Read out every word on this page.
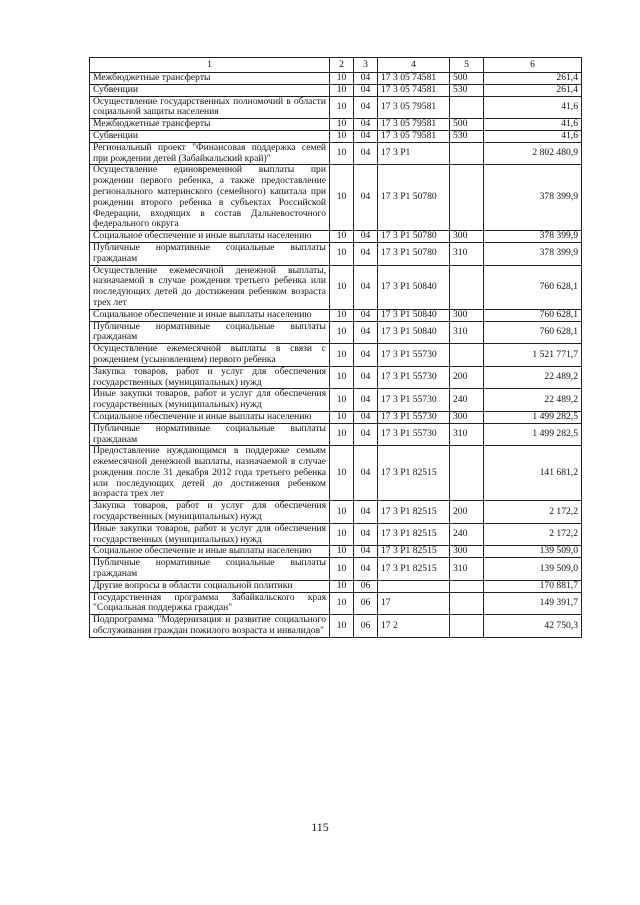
1	2	3	4	5	6
Межбюджетные трансферты	10	04	17 3 05 74581	500	261,4
Субвенции	10	04	17 3 05 74581	530	261,4
Осуществление государственных полномочий в области социальной защиты населения	10	04	17 3 05 79581		41,6
Межбюджетные трансферты	10	04	17 3 05 79581	500	41,6
Субвенции	10	04	17 3 05 79581	530	41,6
Региональный проект "Финансовая поддержка семей при рождении детей (Забайкальский край)"	10	04	17 3 P1		2 802 480,9
Осуществление единовременной выплаты при рождении первого ребенка, а также предоставление регионального материнского (семейного) капитала при рождении второго ребенка в субъектах Российской Федерации, входящих в состав Дальневосточного федерального округа	10	04	17 3 P1 50780		378 399,9
Социальное обеспечение и иные выплаты населению	10	04	17 3 P1 50780	300	378 399,9
Публичные нормативные социальные выплаты гражданам	10	04	17 3 P1 50780	310	378 399,9
Осуществление ежемесячной денежной выплаты, назначаемой в случае рождения третьего ребенка или последующих детей до достижения ребенком возраста трех лет	10	04	17 3 P1 50840		760 628,1
Социальное обеспечение и иные выплаты населению	10	04	17 3 P1 50840	300	760 628,1
Публичные нормативные социальные выплаты гражданам	10	04	17 3 P1 50840	310	760 628,1
Осуществление ежемесячной выплаты в связи с рождением (усыновлением) первого ребенка	10	04	17 3 P1 55730		1 521 771,7
Закупка товаров, работ и услуг для обеспечения государственных (муниципальных) нужд	10	04	17 3 P1 55730	200	22 489,2
Иные закупки товаров, работ и услуг для обеспечения государственных (муниципальных) нужд	10	04	17 3 P1 55730	240	22 489,2
Социальное обеспечение и иные выплаты населению	10	04	17 3 P1 55730	300	1 499 282,5
Публичные нормативные социальные выплаты гражданам	10	04	17 3 P1 55730	310	1 499 282,5
Предоставление нуждающимся в поддержке семьям ежемесячной денежной выплаты, назначаемой в случае рождения после 31 декабря 2012 года третьего ребенка или последующих детей до достижения ребенком возраста трех лет	10	04	17 3 P1 82515		141 681,2
Закупка товаров, работ и услуг для обеспечения государственных (муниципальных) нужд	10	04	17 3 P1 82515	200	2 172,2
Иные закупки товаров, работ и услуг для обеспечения государственных (муниципальных) нужд	10	04	17 3 P1 82515	240	2 172,2
Социальное обеспечение и иные выплаты населению	10	04	17 3 P1 82515	300	139 509,0
Публичные нормативные социальные выплаты гражданам	10	04	17 3 P1 82515	310	139 509,0
Другие вопросы в области социальной политики	10	06			170 881,7
Государственная программа Забайкальского края "Социальная поддержка граждан"	10	06	17		149 391,7
Подпрограмма "Модернизация и развитие социального обслуживания граждан пожилого возраста и инвалидов"	10	06	17 2		42 750,3
115
